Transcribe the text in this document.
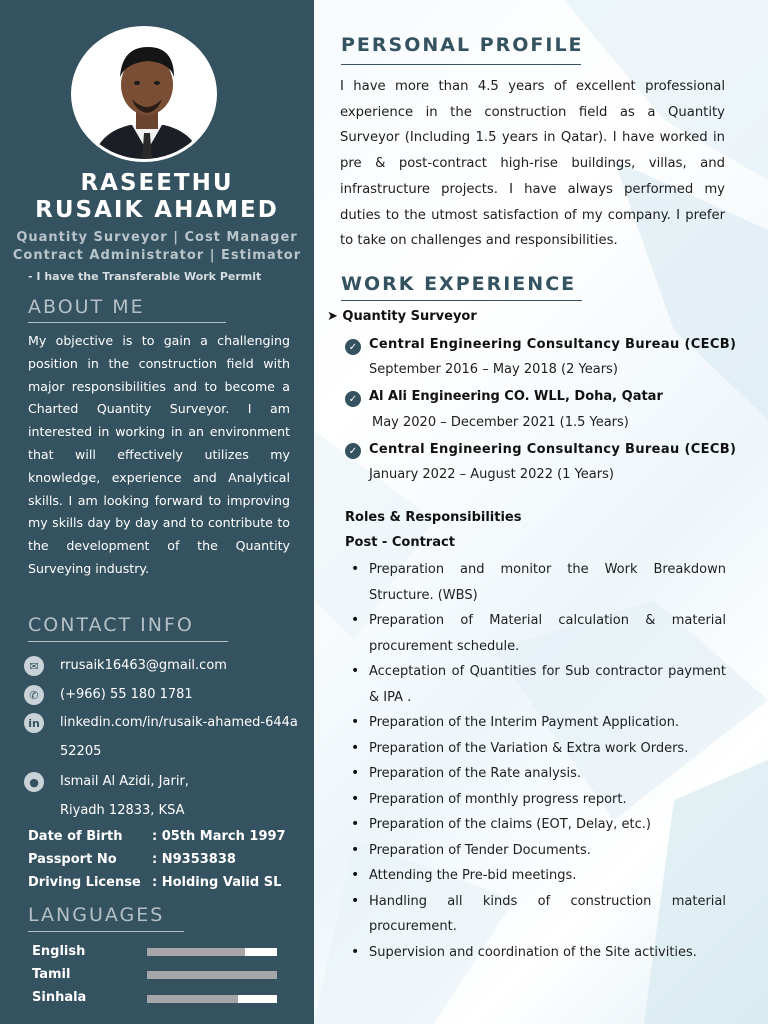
RASEETHU
RUSAIK AHAMED
Quantity Surveyor | Cost Manager
Contract Administrator | Estimator
- I have the Transferable Work Permit
ABOUT ME

My objective is to gain a challenging position in the construction field with major responsibilities and to become a Charted Quantity Surveyor. I am interested in working in an environment that will effectively utilizes my knowledge, experience and Analytical skills. I am looking forward to improving my skills day by day and to contribute to the development of the Quantity Surveying industry.

CONTACT INFO
✉	rrusaik16463@gmail.com
✆	(+966) 55 180 1781
in	linkedin.com/in/rusaik-ahamed-644a52205
●	Ismail Al Azidi, Jarir, Riyadh 12833, KSA
Date of Birth	: 05th March 1997
Passport No	: N9353838
Driving License : Holding Valid SL
LANGUAGES
English
Tamil
Sinhala
PERSONAL PROFILE

I have more than 4.5 years of excellent professional experience in the construction field as a Quantity Surveyor (Including 1.5 years in Qatar). I have worked in pre & post-contract high-rise buildings, villas, and infrastructure projects. I have always performed my duties to the utmost satisfaction of my company. I prefer to take on challenges and responsibilities.

WORK EXPERIENCE
➤ Quantity Surveyor
✓ Central Engineering Consultancy Bureau (CECB)
September 2016 – May 2018 (2 Years)
✓ Al Ali Engineering CO. WLL, Doha, Qatar
May 2020 – December 2021 (1.5 Years)
✓ Central Engineering Consultancy Bureau (CECB)
January 2022 – August 2022 (1 Years)
Roles & Responsibilities
Post - Contract
• Preparation and monitor the Work Breakdown Structure. (WBS)
• Preparation of Material calculation & material procurement schedule.
• Acceptation of Quantities for Sub contractor payment & IPA .
• Preparation of the Interim Payment Application.
• Preparation of the Variation & Extra work Orders.
• Preparation of the Rate analysis.
• Preparation of monthly progress report.
• Preparation of the claims (EOT, Delay, etc.)
• Preparation of Tender Documents.
• Attending the Pre-bid meetings.
• Handling all kinds of construction material procurement.
• Supervision and coordination of the Site activities.
